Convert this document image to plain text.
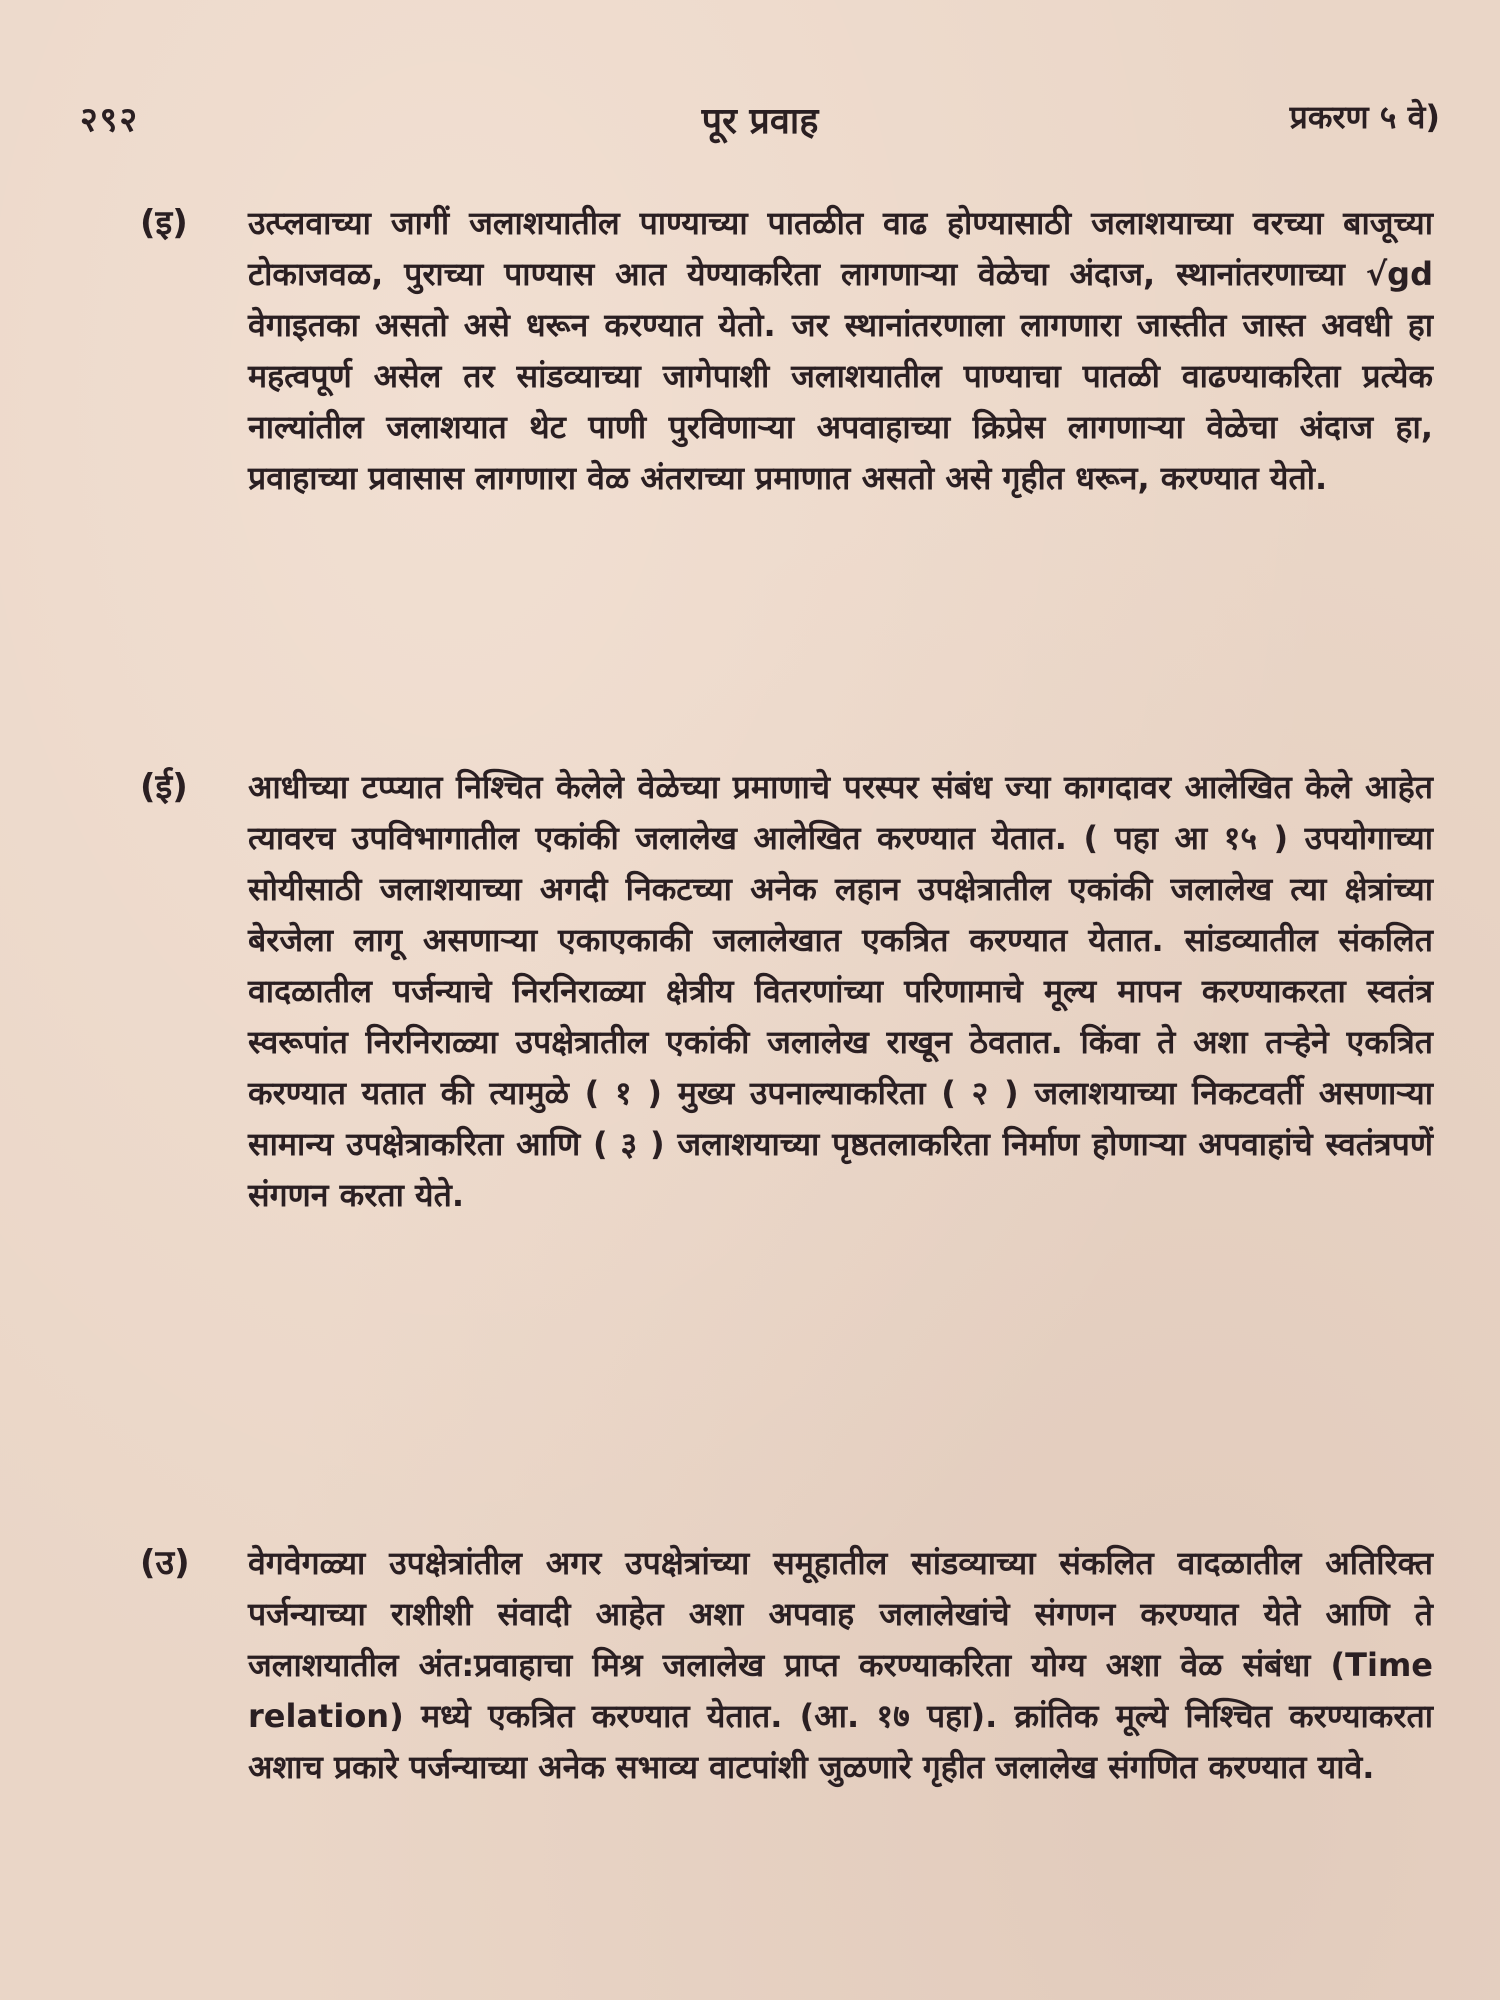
२९२	पूर प्रवाह	प्रकरण ५ वे)
(इ) उत्प्लवाच्या जागीं जलाशयातील पाण्याच्या पातळीत वाढ होण्यासाठी जलाशयाच्या वरच्या बाजूच्या टोकाजवळ, पुराच्या पाण्यास आत येण्याकरिता लागणाऱ्या वेळेचा अंदाज, स्थानांतरणाच्या √gd वेगाइतका असतो असे धरून करण्यात येतो. जर स्थानांतरणाला लागणारा जास्तीत जास्त अवधी हा महत्वपूर्ण असेल तर सांडव्याच्या जागेपाशी जलाशयातील पाण्याचा पातळी वाढण्याकरिता प्रत्येक नाल्यांतील जलाशयात थेट पाणी पुरविणाऱ्या अपवाहाच्या क्रिप्रेस लागणाऱ्या वेळेचा अंदाज हा, प्रवाहाच्या प्रवासास लागणारा वेळ अंतराच्या प्रमाणात असतो असे गृहीत धरून, करण्यात येतो.

(ई) आधीच्या टप्प्यात निश्चित केलेले वेळेच्या प्रमाणाचे परस्पर संबंध ज्या कागदावर आलेखित केले आहेत त्यावरच उपविभागातील एकांकी जलालेख आलेखित करण्यात येतात. ( पहा आ १५ ) उपयोगाच्या सोयीसाठी जलाशयाच्या अगदी निकटच्या अनेक लहान उपक्षेत्रातील एकांकी जलालेख त्या क्षेत्रांच्या बेरजेला लागू असणाऱ्या एकाएकाकी जलालेखात एकत्रित करण्यात येतात. सांडव्यातील संकलित वादळातील पर्जन्याचे निरनिराळ्या क्षेत्रीय वितरणांच्या परिणामाचे मूल्य मापन करण्याकरता स्वतंत्र स्वरूपांत निरनिराळ्या उपक्षेत्रातील एकांकी जलालेख राखून ठेवतात. किंवा ते अशा तऱ्हेने एकत्रित करण्यात यतात की त्यामुळे ( १ ) मुख्य उपनाल्याकरिता ( २ ) जलाशयाच्या निकटवर्ती असणाऱ्या सामान्य उपक्षेत्राकरिता आणि ( ३ ) जलाशयाच्या पृष्ठतलाकरिता निर्माण होणाऱ्या अपवाहांचे स्वतंत्रपणें संगणन करता येते.

(उ) वेगवेगळ्या उपक्षेत्रांतील अगर उपक्षेत्रांच्या समूहातील सांडव्याच्या संकलित वादळातील अतिरिक्त पर्जन्याच्या राशीशी संवादी आहेत अशा अपवाह जलालेखांचे संगणन करण्यात येते आणि ते जलाशयातील अंत:प्रवाहाचा मिश्र जलालेख प्राप्त करण्याकरिता योग्य अशा वेळ संबंधा (Time relation) मध्ये एकत्रित करण्यात येतात. (आ. १७ पहा). क्रांतिक मूल्ये निश्चित करण्याकरता अशाच प्रकारे पर्जन्याच्या अनेक सभाव्य वाटपांशी जुळणारे गृहीत जलालेख संगणित करण्यात यावे.
